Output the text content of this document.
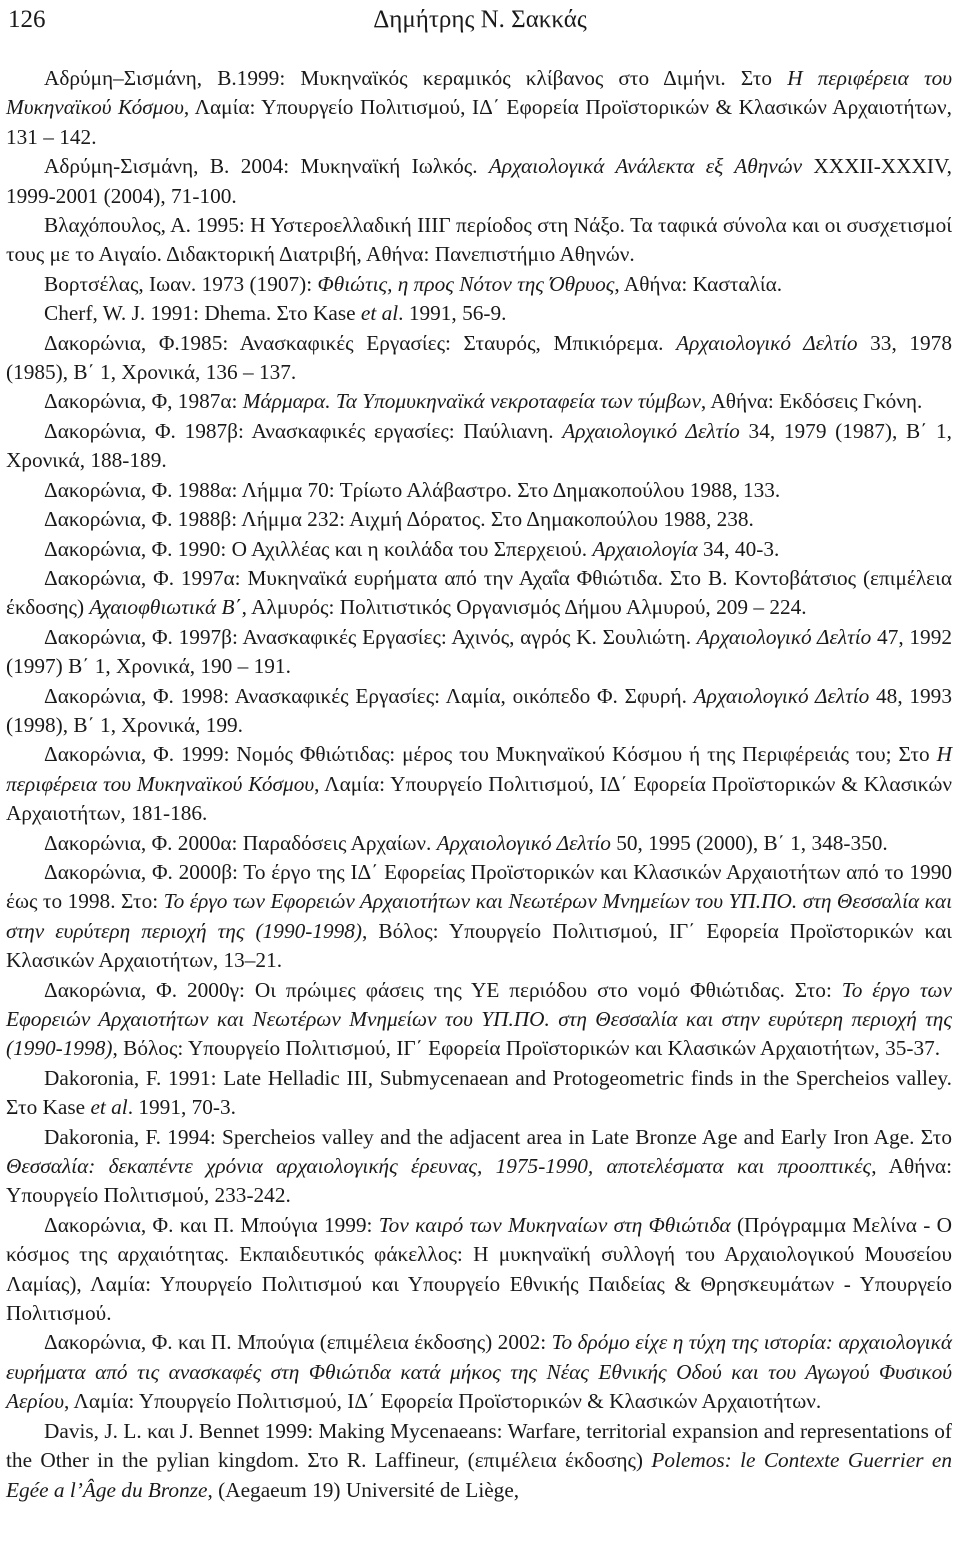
126	Δημήτρης Ν. Σακκάς

Αδρύμη–Σισμάνη, Β.1999: Μυκηναϊκός κεραμικός κλίβανος στο Διμήνι. Στο Η περιφέρεια του Μυκηναϊκού Κόσμου, Λαμία: Υπουργείο Πολιτισμού, ΙΔ΄ Εφορεία Προϊστορικών & Κλασικών Αρχαιοτήτων, 131 – 142.

Αδρύμη-Σισμάνη, Β. 2004: Μυκηναϊκή Ιωλκός. Αρχαιολογικά Ανάλεκτα εξ Αθηνών XXXII-XXXIV, 1999-2001 (2004), 71-100.

Βλαχόπουλος, Α. 1995: Η Υστεροελλαδική ΙΙΙΓ περίοδος στη Νάξο. Τα ταφικά σύνολα και οι συσχετισμοί τους με το Αιγαίο. Διδακτορική Διατριβή, Αθήνα: Πανεπιστήμιο Αθηνών.

Βορτσέλας, Ιωαν. 1973 (1907): Φθιώτις, η προς Νότον της Όθρυος, Αθήνα: Κασταλία.

Cherf, W. J. 1991: Dhema. Στο Kase et al. 1991, 56-9.

Δακορώνια, Φ.1985: Ανασκαφικές Εργασίες: Σταυρός, Μπικιόρεμα. Αρχαιολογικό Δελτίο 33, 1978 (1985), Β΄ 1, Χρονικά, 136 – 137.

Δακορώνια, Φ, 1987α: Μάρμαρα. Τα Υπομυκηναϊκά νεκροταφεία των τύμβων, Αθήνα: Εκδόσεις Γκόνη.

Δακορώνια, Φ. 1987β: Ανασκαφικές εργασίες: Παύλιανη. Αρχαιολογικό Δελτίο 34, 1979 (1987), Β΄ 1, Χρονικά, 188-189.

Δακορώνια, Φ. 1988α: Λήμμα 70: Τρίωτο Αλάβαστρο. Στο Δημακοπούλου 1988, 133.

Δακορώνια, Φ. 1988β: Λήμμα 232: Αιχμή Δόρατος. Στο Δημακοπούλου 1988, 238.

Δακορώνια, Φ. 1990: Ο Αχιλλέας και η κοιλάδα του Σπερχειού. Αρχαιολογία 34, 40-3.

Δακορώνια, Φ. 1997α: Μυκηναϊκά ευρήματα από την Αχαΐα Φθιώτιδα. Στο Β. Κοντοβάτσιος (επιμέλεια έκδοσης) Αχαιοφθιωτικά Β΄, Αλμυρός: Πολιτιστικός Οργανισμός Δήμου Αλμυρού, 209 – 224.

Δακορώνια, Φ. 1997β: Ανασκαφικές Εργασίες: Αχινός, αγρός Κ. Σουλιώτη. Αρχαιολογικό Δελτίο 47, 1992 (1997) Β΄ 1, Χρονικά, 190 – 191.

Δακορώνια, Φ. 1998: Ανασκαφικές Εργασίες: Λαμία, οικόπεδο Φ. Σφυρή. Αρχαιολογικό Δελτίο 48, 1993 (1998), Β΄ 1, Χρονικά, 199.

Δακορώνια, Φ. 1999: Νομός Φθιώτιδας: μέρος του Μυκηναϊκού Κόσμου ή της Περιφέρειάς του; Στο Η περιφέρεια του Μυκηναϊκού Κόσμου, Λαμία: Υπουργείο Πολιτισμού, ΙΔ΄ Εφορεία Προϊστορικών & Κλασικών Αρχαιοτήτων, 181-186.

Δακορώνια, Φ. 2000α: Παραδόσεις Αρχαίων. Αρχαιολογικό Δελτίο 50, 1995 (2000), Β΄ 1, 348-350.

Δακορώνια, Φ. 2000β: Το έργο της ΙΔ΄ Εφορείας Προϊστορικών και Κλασικών Αρχαιοτήτων από το 1990 έως το 1998. Στο: Το έργο των Εφορειών Αρχαιοτήτων και Νεωτέρων Μνημείων του ΥΠ.ΠΟ. στη Θεσσαλία και στην ευρύτερη περιοχή της (1990-1998), Βόλος: Υπουργείο Πολιτισμού, ΙΓ΄ Εφορεία Προϊστορικών και Κλασικών Αρχαιοτήτων, 13–21.

Δακορώνια, Φ. 2000γ: Οι πρώιμες φάσεις της ΥΕ περιόδου στο νομό Φθιώτιδας. Στο: Το έργο των Εφορειών Αρχαιοτήτων και Νεωτέρων Μνημείων του ΥΠ.ΠΟ. στη Θεσσαλία και στην ευρύτερη περιοχή της (1990-1998), Βόλος: Υπουργείο Πολιτισμού, ΙΓ΄ Εφορεία Προϊστορικών και Κλασικών Αρχαιοτήτων, 35-37.

Dakoronia, F. 1991: Late Helladic III, Submycenaean and Protogeometric finds in the Spercheios valley. Στο Kase et al. 1991, 70-3.

Dakoronia, F. 1994: Spercheios valley and the adjacent area in Late Bronze Age and Early Iron Age. Στο Θεσσαλία: δεκαπέντε χρόνια αρχαιολογικής έρευνας, 1975-1990, αποτελέσματα και προοπτικές, Αθήνα: Υπουργείο Πολιτισμού, 233-242.

Δακορώνια, Φ. και Π. Μπούγια 1999: Τον καιρό των Μυκηναίων στη Φθιώτιδα (Πρόγραμμα Μελίνα - Ο κόσμος της αρχαιότητας. Εκπαιδευτικός φάκελλος: Η μυκηναϊκή συλλογή του Αρχαιολογικού Μουσείου Λαμίας), Λαμία: Υπουργείο Πολιτισμού και Υπουργείο Εθνικής Παιδείας & Θρησκευμάτων - Υπουργείο Πολιτισμού.

Δακορώνια, Φ. και Π. Μπούγια (επιμέλεια έκδοσης) 2002: Το δρόμο είχε η τύχη της ιστορία: αρχαιολογικά ευρήματα από τις ανασκαφές στη Φθιώτιδα κατά μήκος της Νέας Εθνικής Οδού και του Αγωγού Φυσικού Αερίου, Λαμία: Υπουργείο Πολιτισμού, ΙΔ΄ Εφορεία Προϊστορικών & Κλασικών Αρχαιοτήτων.

Davis, J. L. και J. Bennet 1999: Making Mycenaeans: Warfare, territorial expansion and representations of the Other in the pylian kingdom. Στο R. Laffineur, (επιμέλεια έκδοσης) Polemos: le Contexte Guerrier en Egée a l’Âge du Bronze, (Aegaeum 19) Université de Liège,
